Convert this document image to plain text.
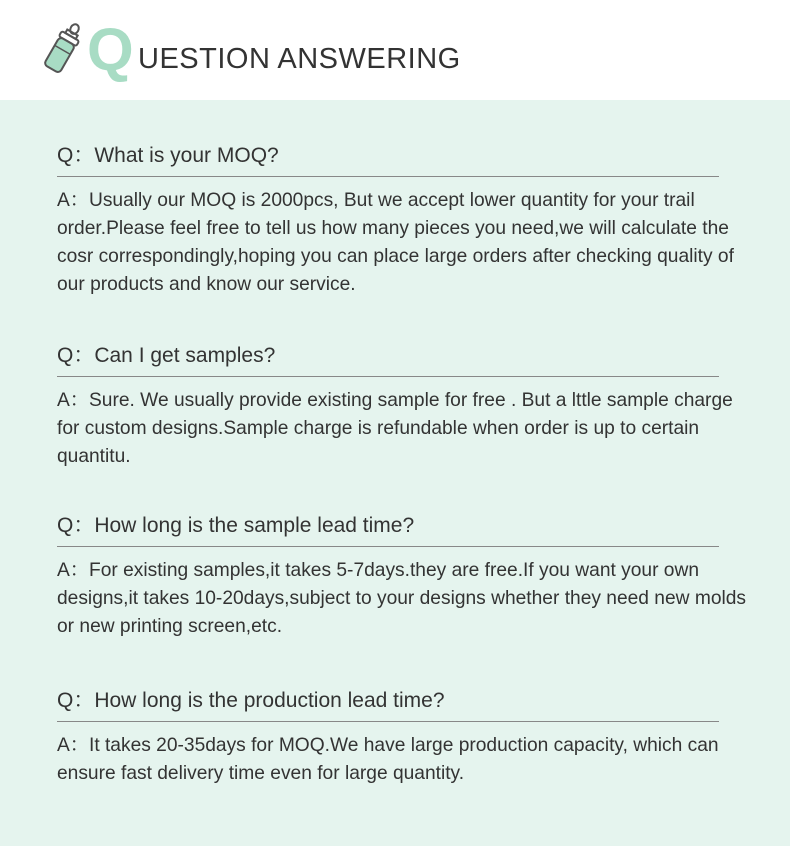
Q UESTION ANSWERING
Q：What is your MOQ?
A：Usually our MOQ is 2000pcs, But we accept lower quantity for your trail order.Please feel free to tell us how many pieces you need,we will calculate the cosr correspondingly,hoping you can place large orders after checking quality of our products and know our service.
Q：Can I get samples?
A：Sure. We usually provide existing sample for free . But a lttle sample charge for custom designs.Sample charge is refundable when order is up to certain quantitu.
Q：How long is the sample lead time?
A：For existing samples,it takes 5-7days.they are free.If you want your own designs,it takes 10-20days,subject to your designs whether they need new molds or new printing screen,etc.
Q：How long is the production lead time?
A：It takes 20-35days for MOQ.We have large production capacity, which can ensure fast delivery time even for large quantity.
